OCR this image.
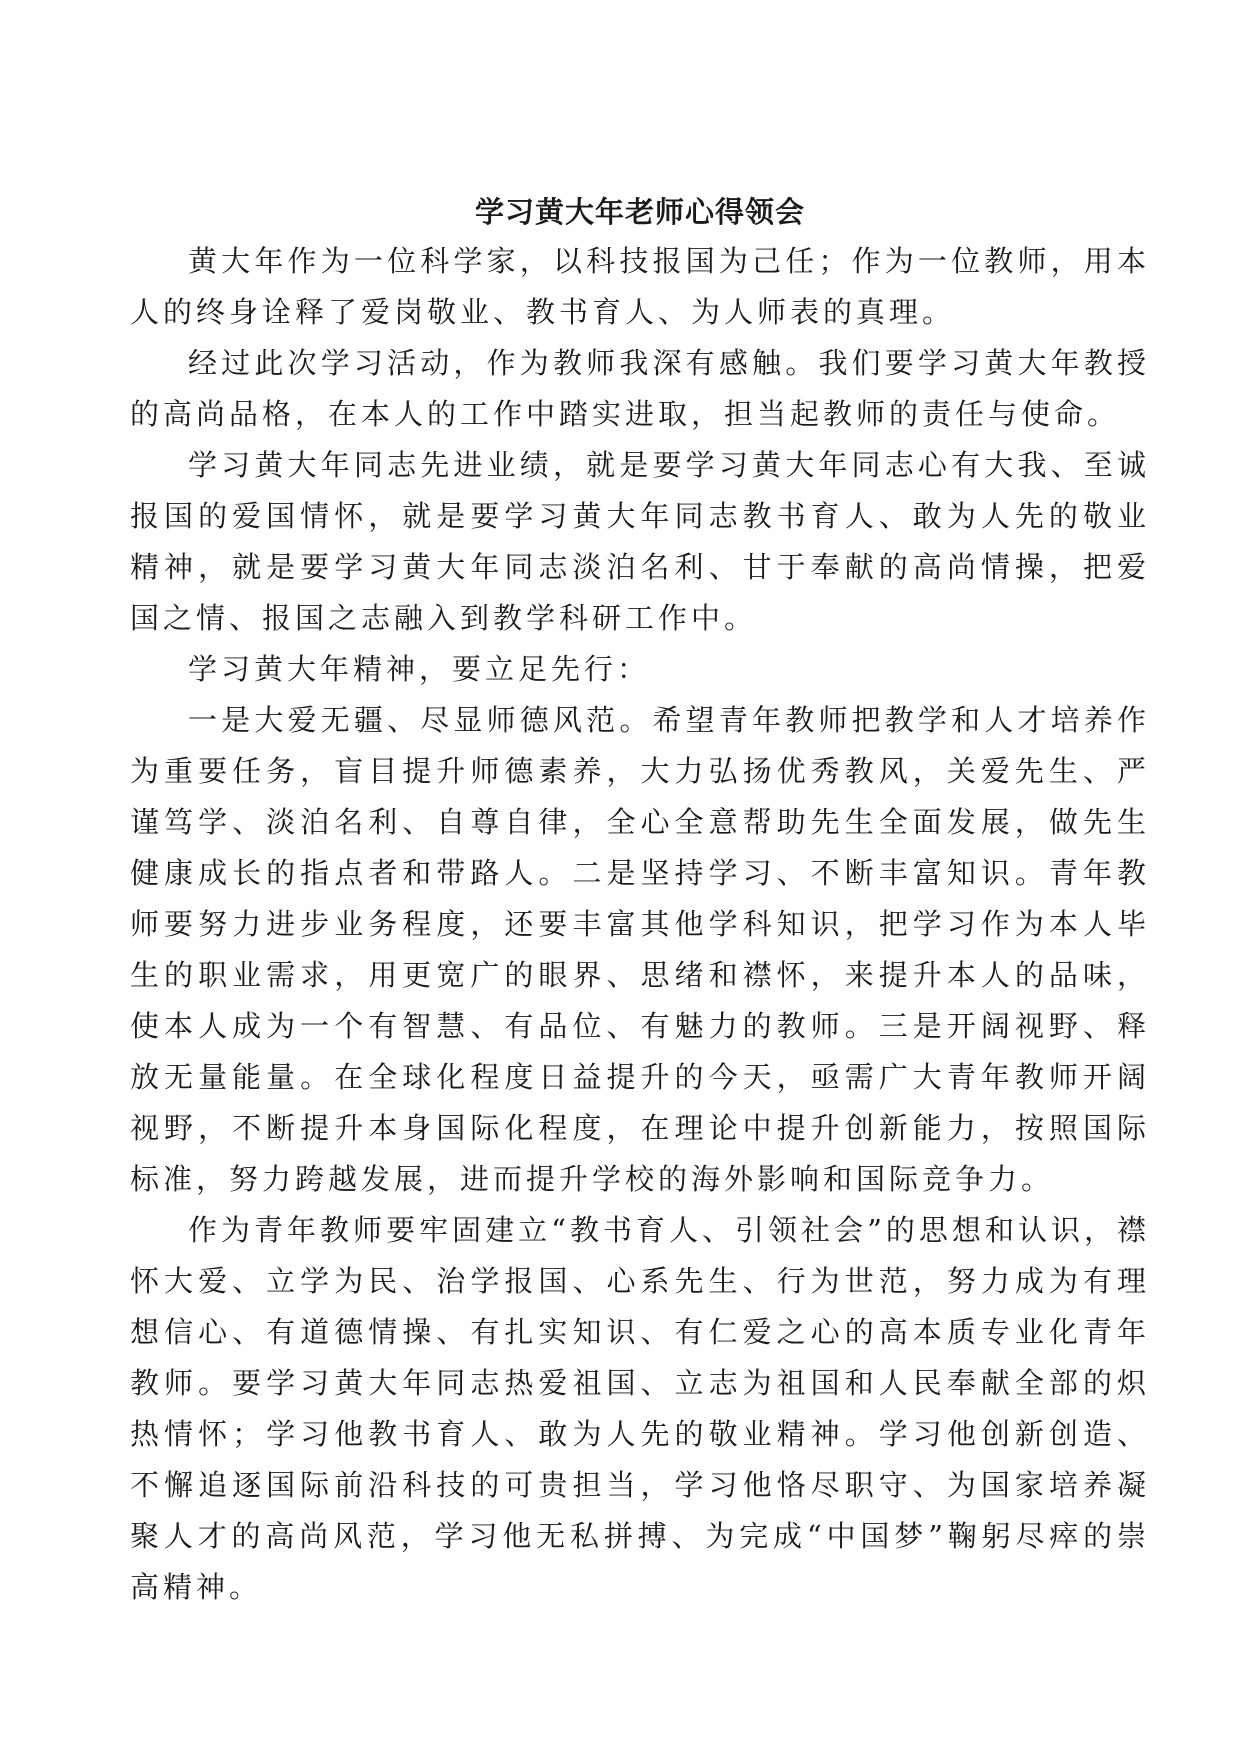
学习黄大年老师心得领会

黄大年作为一位科学家，以科技报国为己任；作为一位教师，用本人的终身诠释了爱岗敬业、教书育人、为人师表的真理。

经过此次学习活动，作为教师我深有感触。我们要学习黄大年教授的高尚品格，在本人的工作中踏实进取，担当起教师的责任与使命。

学习黄大年同志先进业绩，就是要学习黄大年同志心有大我、至诚报国的爱国情怀，就是要学习黄大年同志教书育人、敢为人先的敬业精神，就是要学习黄大年同志淡泊名利、甘于奉献的高尚情操，把爱国之情、报国之志融入到教学科研工作中。

学习黄大年精神，要立足先行：

一是大爱无疆、尽显师德风范。希望青年教师把教学和人才培养作为重要任务，盲目提升师德素养，大力弘扬优秀教风，关爱先生、严谨笃学、淡泊名利、自尊自律，全心全意帮助先生全面发展，做先生健康成长的指点者和带路人。二是坚持学习、不断丰富知识。青年教师要努力进步业务程度，还要丰富其他学科知识，把学习作为本人毕生的职业需求，用更宽广的眼界、思绪和襟怀，来提升本人的品味，使本人成为一个有智慧、有品位、有魅力的教师。三是开阔视野、释放无量能量。在全球化程度日益提升的今天，亟需广大青年教师开阔视野，不断提升本身国际化程度，在理论中提升创新能力，按照国际标准，努力跨越发展，进而提升学校的海外影响和国际竞争力。

作为青年教师要牢固建立“教书育人、引领社会”的思想和认识，襟怀大爱、立学为民、治学报国、心系先生、行为世范，努力成为有理想信心、有道德情操、有扎实知识、有仁爱之心的高本质专业化青年教师。要学习黄大年同志热爱祖国、立志为祖国和人民奉献全部的炽热情怀；学习他教书育人、敢为人先的敬业精神。学习他创新创造、不懈追逐国际前沿科技的可贵担当，学习他恪尽职守、为国家培养凝聚人才的高尚风范，学习他无私拼搏、为完成“中国梦”鞠躬尽瘁的崇高精神。
